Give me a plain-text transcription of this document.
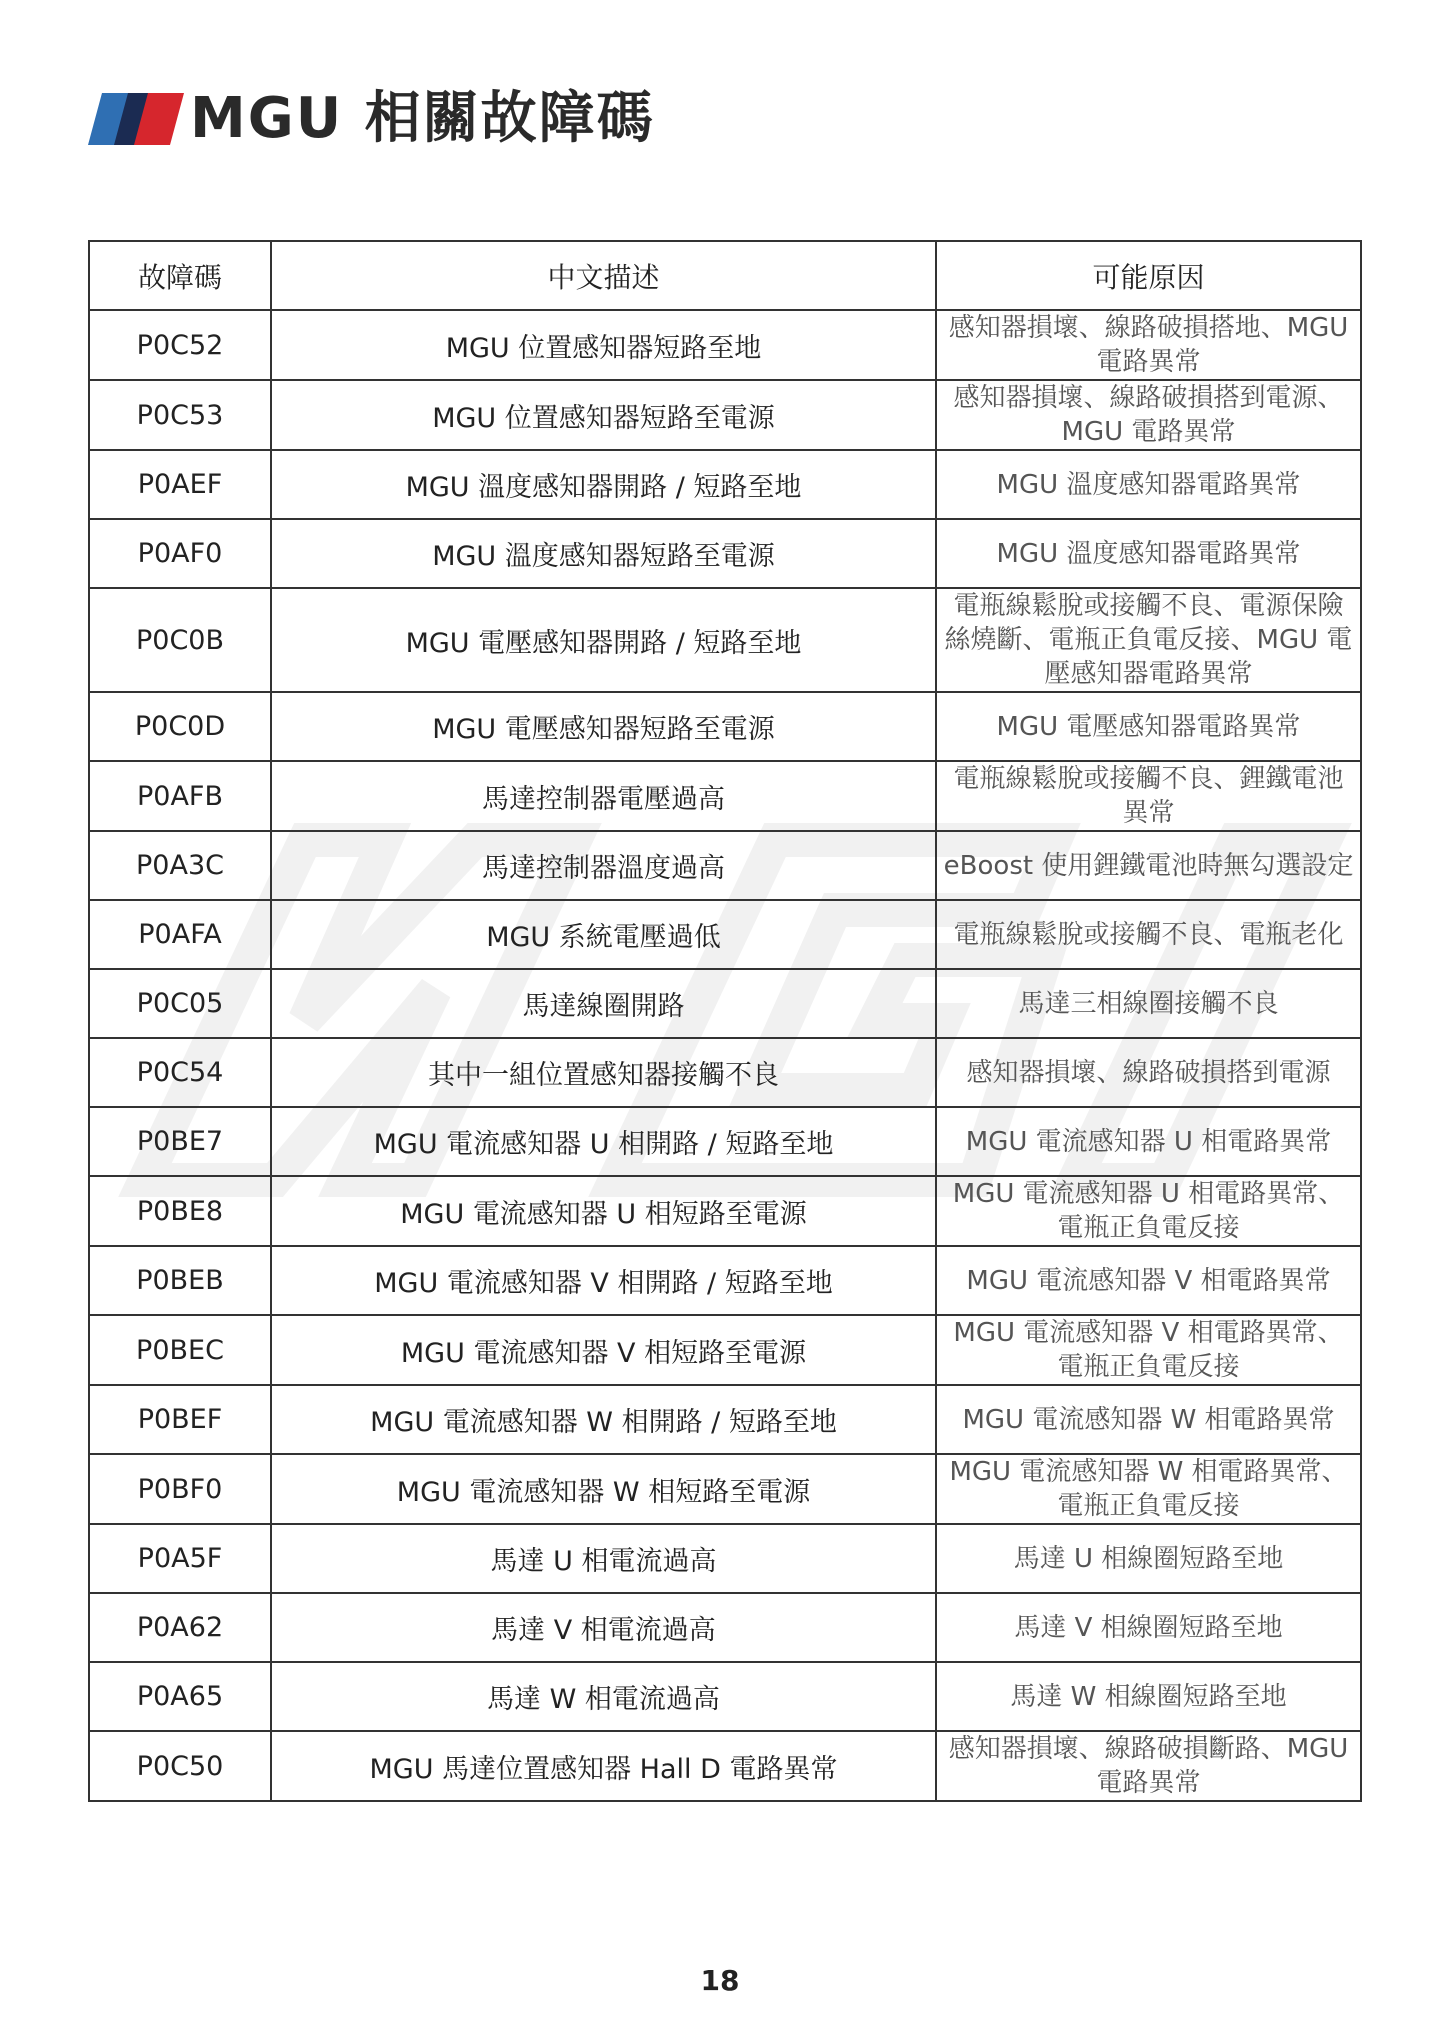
MGU 相關故障碼
故障碼	中文描述	可能原因
P0C52	MGU 位置感知器短路至地	感知器損壞、線路破損搭地、MGU 電路異常
P0C53	MGU 位置感知器短路至電源	感知器損壞、線路破損搭到電源、MGU 電路異常
P0AEF	MGU 溫度感知器開路 / 短路至地	MGU 溫度感知器電路異常
P0AF0	MGU 溫度感知器短路至電源	MGU 溫度感知器電路異常
P0C0B	MGU 電壓感知器開路 / 短路至地	電瓶線鬆脫或接觸不良、電源保險絲燒斷、電瓶正負電反接、MGU 電壓感知器電路異常
P0C0D	MGU 電壓感知器短路至電源	MGU 電壓感知器電路異常
P0AFB	馬達控制器電壓過高	電瓶線鬆脫或接觸不良、鋰鐵電池異常
P0A3C	馬達控制器溫度過高	eBoost 使用鋰鐵電池時無勾選設定
P0AFA	MGU 系統電壓過低	電瓶線鬆脫或接觸不良、電瓶老化
P0C05	馬達線圈開路	馬達三相線圈接觸不良
P0C54	其中一組位置感知器接觸不良	感知器損壞、線路破損搭到電源
P0BE7	MGU 電流感知器 U 相開路 / 短路至地	MGU 電流感知器 U 相電路異常
P0BE8	MGU 電流感知器 U 相短路至電源	MGU 電流感知器 U 相電路異常、電瓶正負電反接
P0BEB	MGU 電流感知器 V 相開路 / 短路至地	MGU 電流感知器 V 相電路異常
P0BEC	MGU 電流感知器 V 相短路至電源	MGU 電流感知器 V 相電路異常、電瓶正負電反接
P0BEF	MGU 電流感知器 W 相開路 / 短路至地	MGU 電流感知器 W 相電路異常
P0BF0	MGU 電流感知器 W 相短路至電源	MGU 電流感知器 W 相電路異常、電瓶正負電反接
P0A5F	馬達 U 相電流過高	馬達 U 相線圈短路至地
P0A62	馬達 V 相電流過高	馬達 V 相線圈短路至地
P0A65	馬達 W 相電流過高	馬達 W 相線圈短路至地
P0C50	MGU 馬達位置感知器 Hall D 電路異常	感知器損壞、線路破損斷路、MGU 電路異常
18
